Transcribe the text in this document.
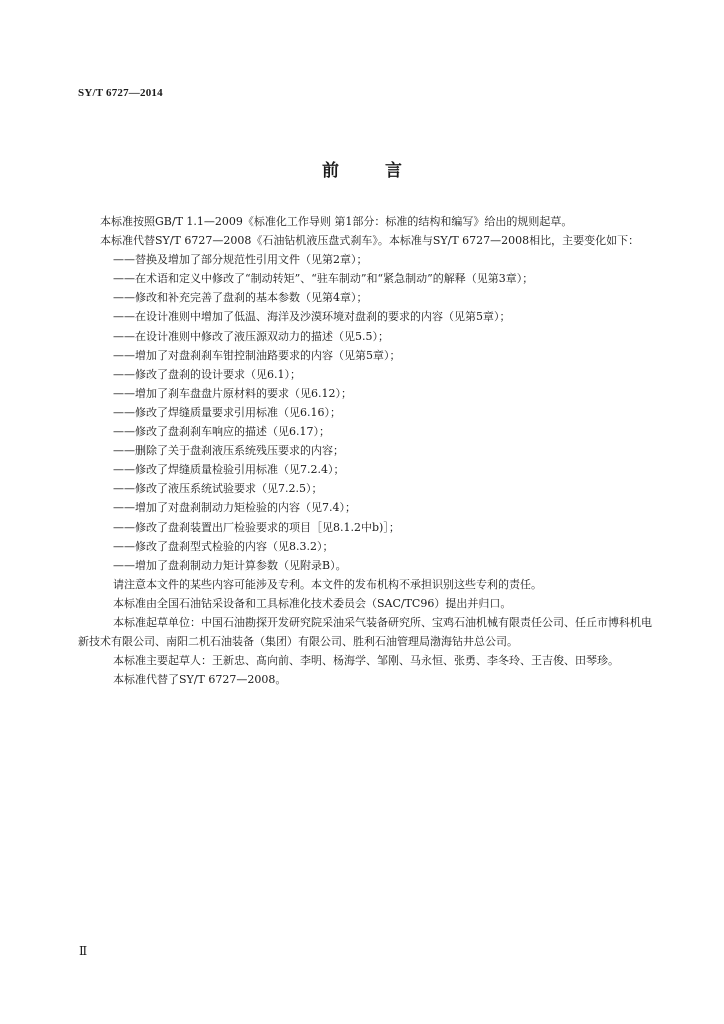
SY/T 6727—2014
前 言

本标准按照GB/T 1.1—2009《标准化工作导则 第1部分：标准的结构和编写》给出的规则起草。

本标准代替SY/T 6727—2008《石油钻机液压盘式刹车》。本标准与SY/T 6727—2008相比，主要变化如下：

——替换及增加了部分规范性引用文件（见第2章）；

——在术语和定义中修改了“制动转矩”、“驻车制动”和“紧急制动”的解释（见第3章）；

——修改和补充完善了盘刹的基本参数（见第4章）；

——在设计准则中增加了低温、海洋及沙漠环境对盘刹的要求的内容（见第5章）；

——在设计准则中修改了液压源双动力的描述（见5.5）；

——增加了对盘刹刹车钳控制油路要求的内容（见第5章）；

——修改了盘刹的设计要求（见6.1）；

——增加了刹车盘盘片原材料的要求（见6.12）；

——修改了焊缝质量要求引用标准（见6.16）；

——修改了盘刹刹车响应的描述（见6.17）；

——删除了关于盘刹液压系统残压要求的内容；

——修改了焊缝质量检验引用标准（见7.2.4）；

——修改了液压系统试验要求（见7.2.5）；

——增加了对盘刹制动力矩检验的内容（见7.4）；

——修改了盘刹装置出厂检验要求的项目［见8.1.2中b)］；

——修改了盘刹型式检验的内容（见8.3.2）；

——增加了盘刹制动力矩计算参数（见附录B）。

请注意本文件的某些内容可能涉及专利。本文件的发布机构不承担识别这些专利的责任。

本标准由全国石油钻采设备和工具标准化技术委员会（SAC/TC96）提出并归口。

本标准起草单位：中国石油勘探开发研究院采油采气装备研究所、宝鸡石油机械有限责任公司、任丘市博科机电新技术有限公司、南阳二机石油装备（集团）有限公司、胜利石油管理局渤海钻井总公司。

本标准主要起草人：王新忠、髙向前、李明、杨海学、邹刚、马永恒、张勇、李冬玲、王吉俊、田琴珍。

本标准代替了SY/T 6727—2008。

Ⅱ
